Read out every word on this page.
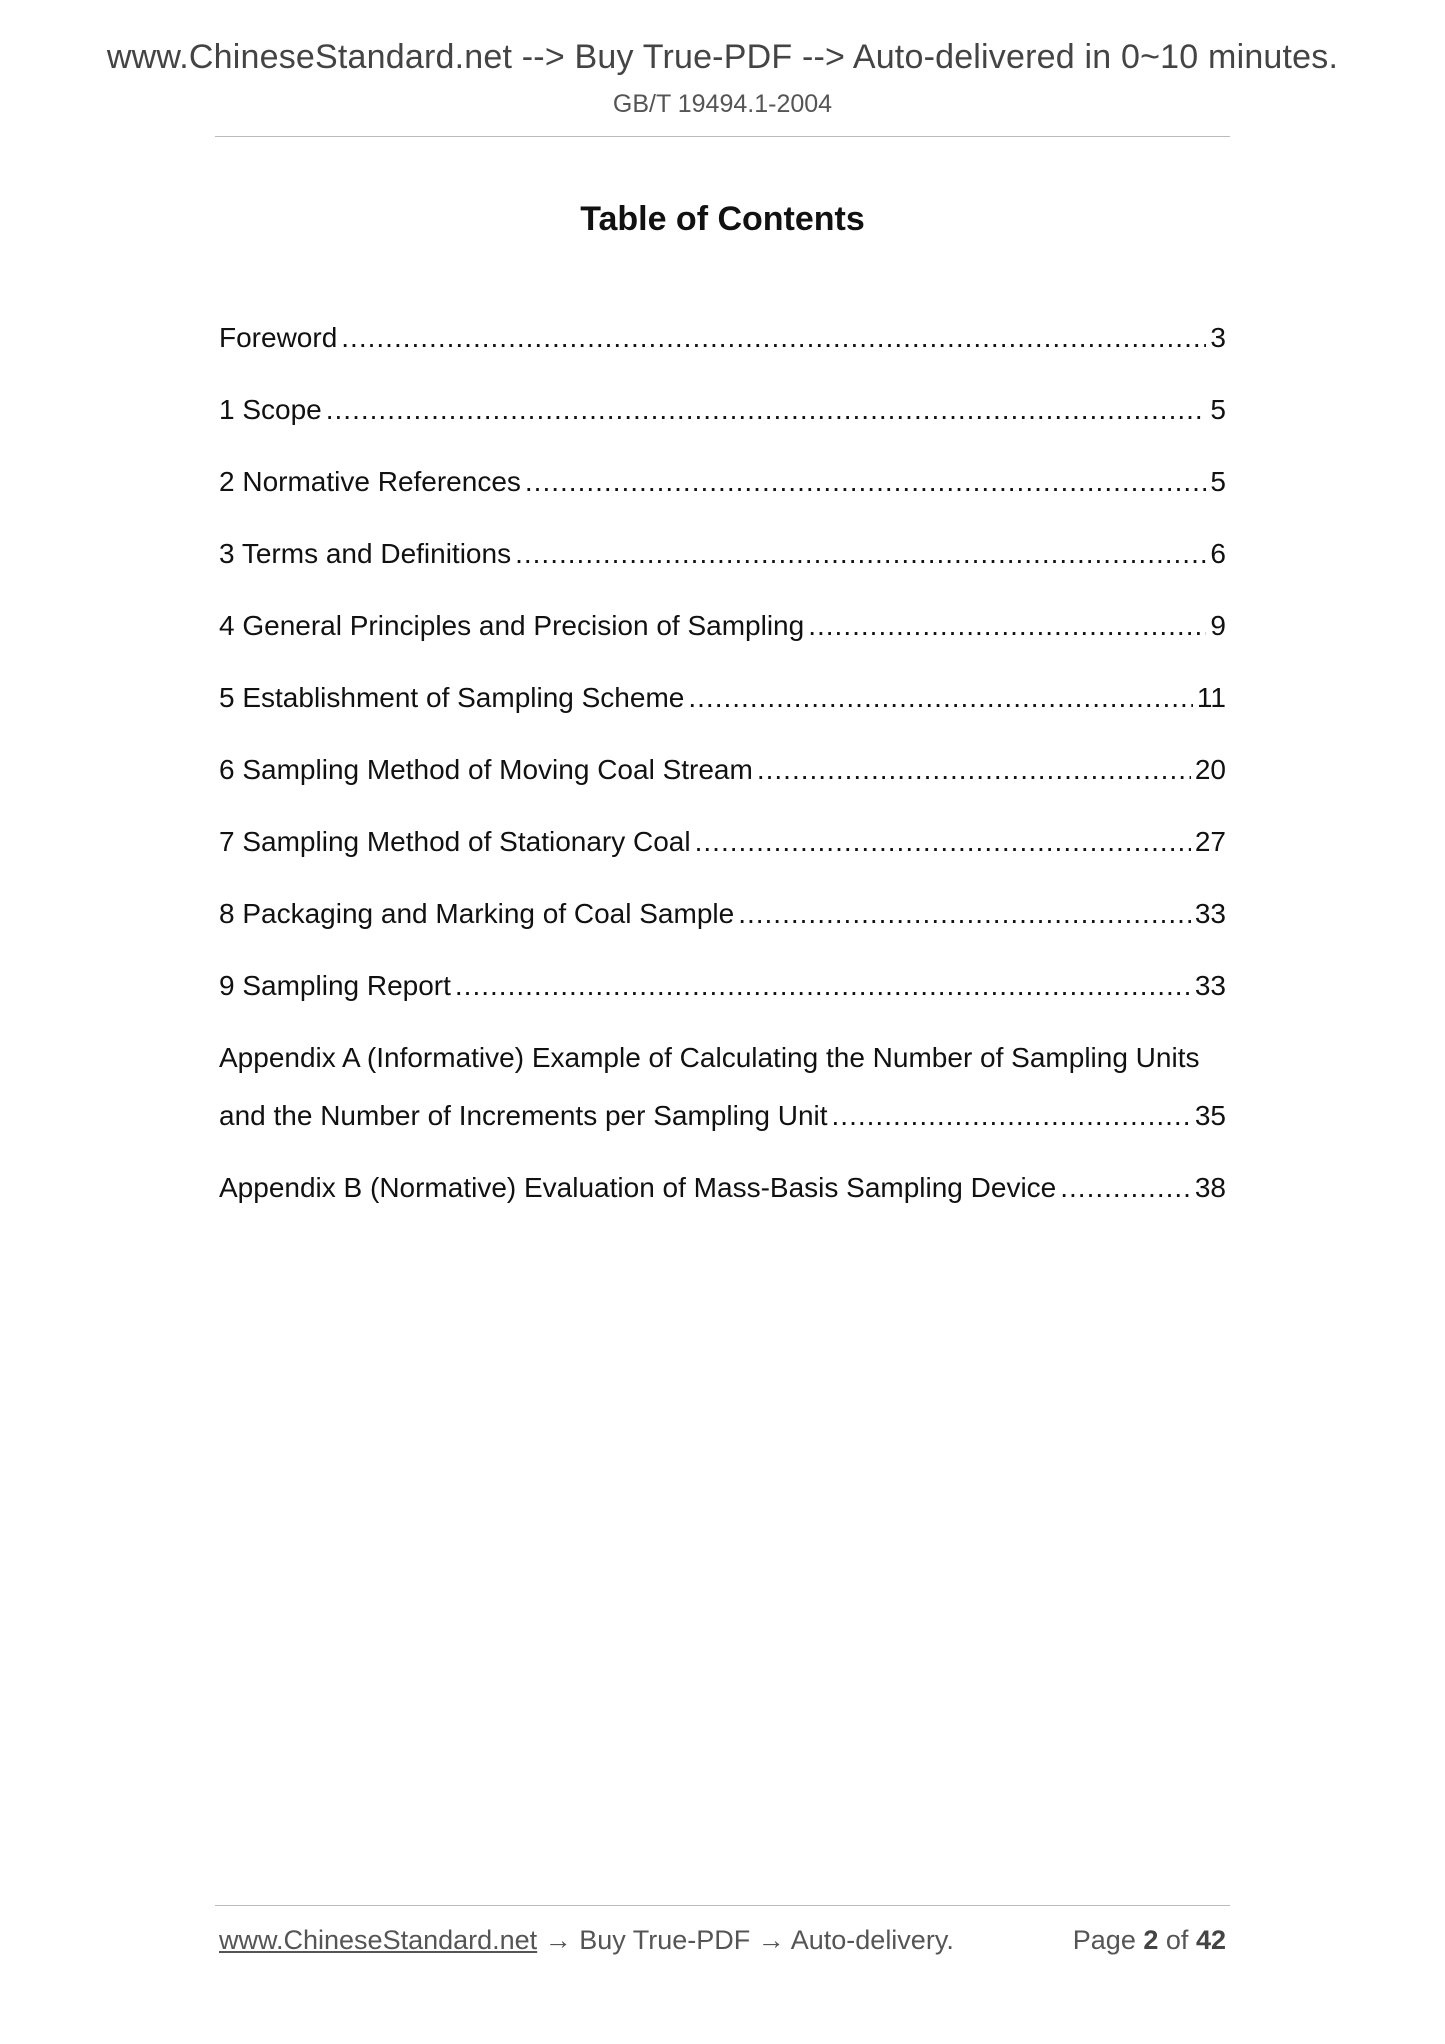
www.ChineseStandard.net --> Buy True-PDF --> Auto-delivered in 0~10 minutes.
GB/T 19494.1-2004
Table of Contents
Foreword .....	3
1 Scope .....	5
2 Normative References .....	5
3 Terms and Definitions .....	6
4 General Principles and Precision of Sampling .....	9
5 Establishment of Sampling Scheme .....	11
6 Sampling Method of Moving Coal Stream .....	20
7 Sampling Method of Stationary Coal .....	27
8 Packaging and Marking of Coal Sample .....	33
9 Sampling Report .....	33
Appendix A (Informative) Example of Calculating the Number of Sampling Units
and the Number of Increments per Sampling Unit .....	35
Appendix B (Normative) Evaluation of Mass-Basis Sampling Device .....	38
www.ChineseStandard.net → Buy True-PDF → Auto-delivery.	Page 2 of 42
